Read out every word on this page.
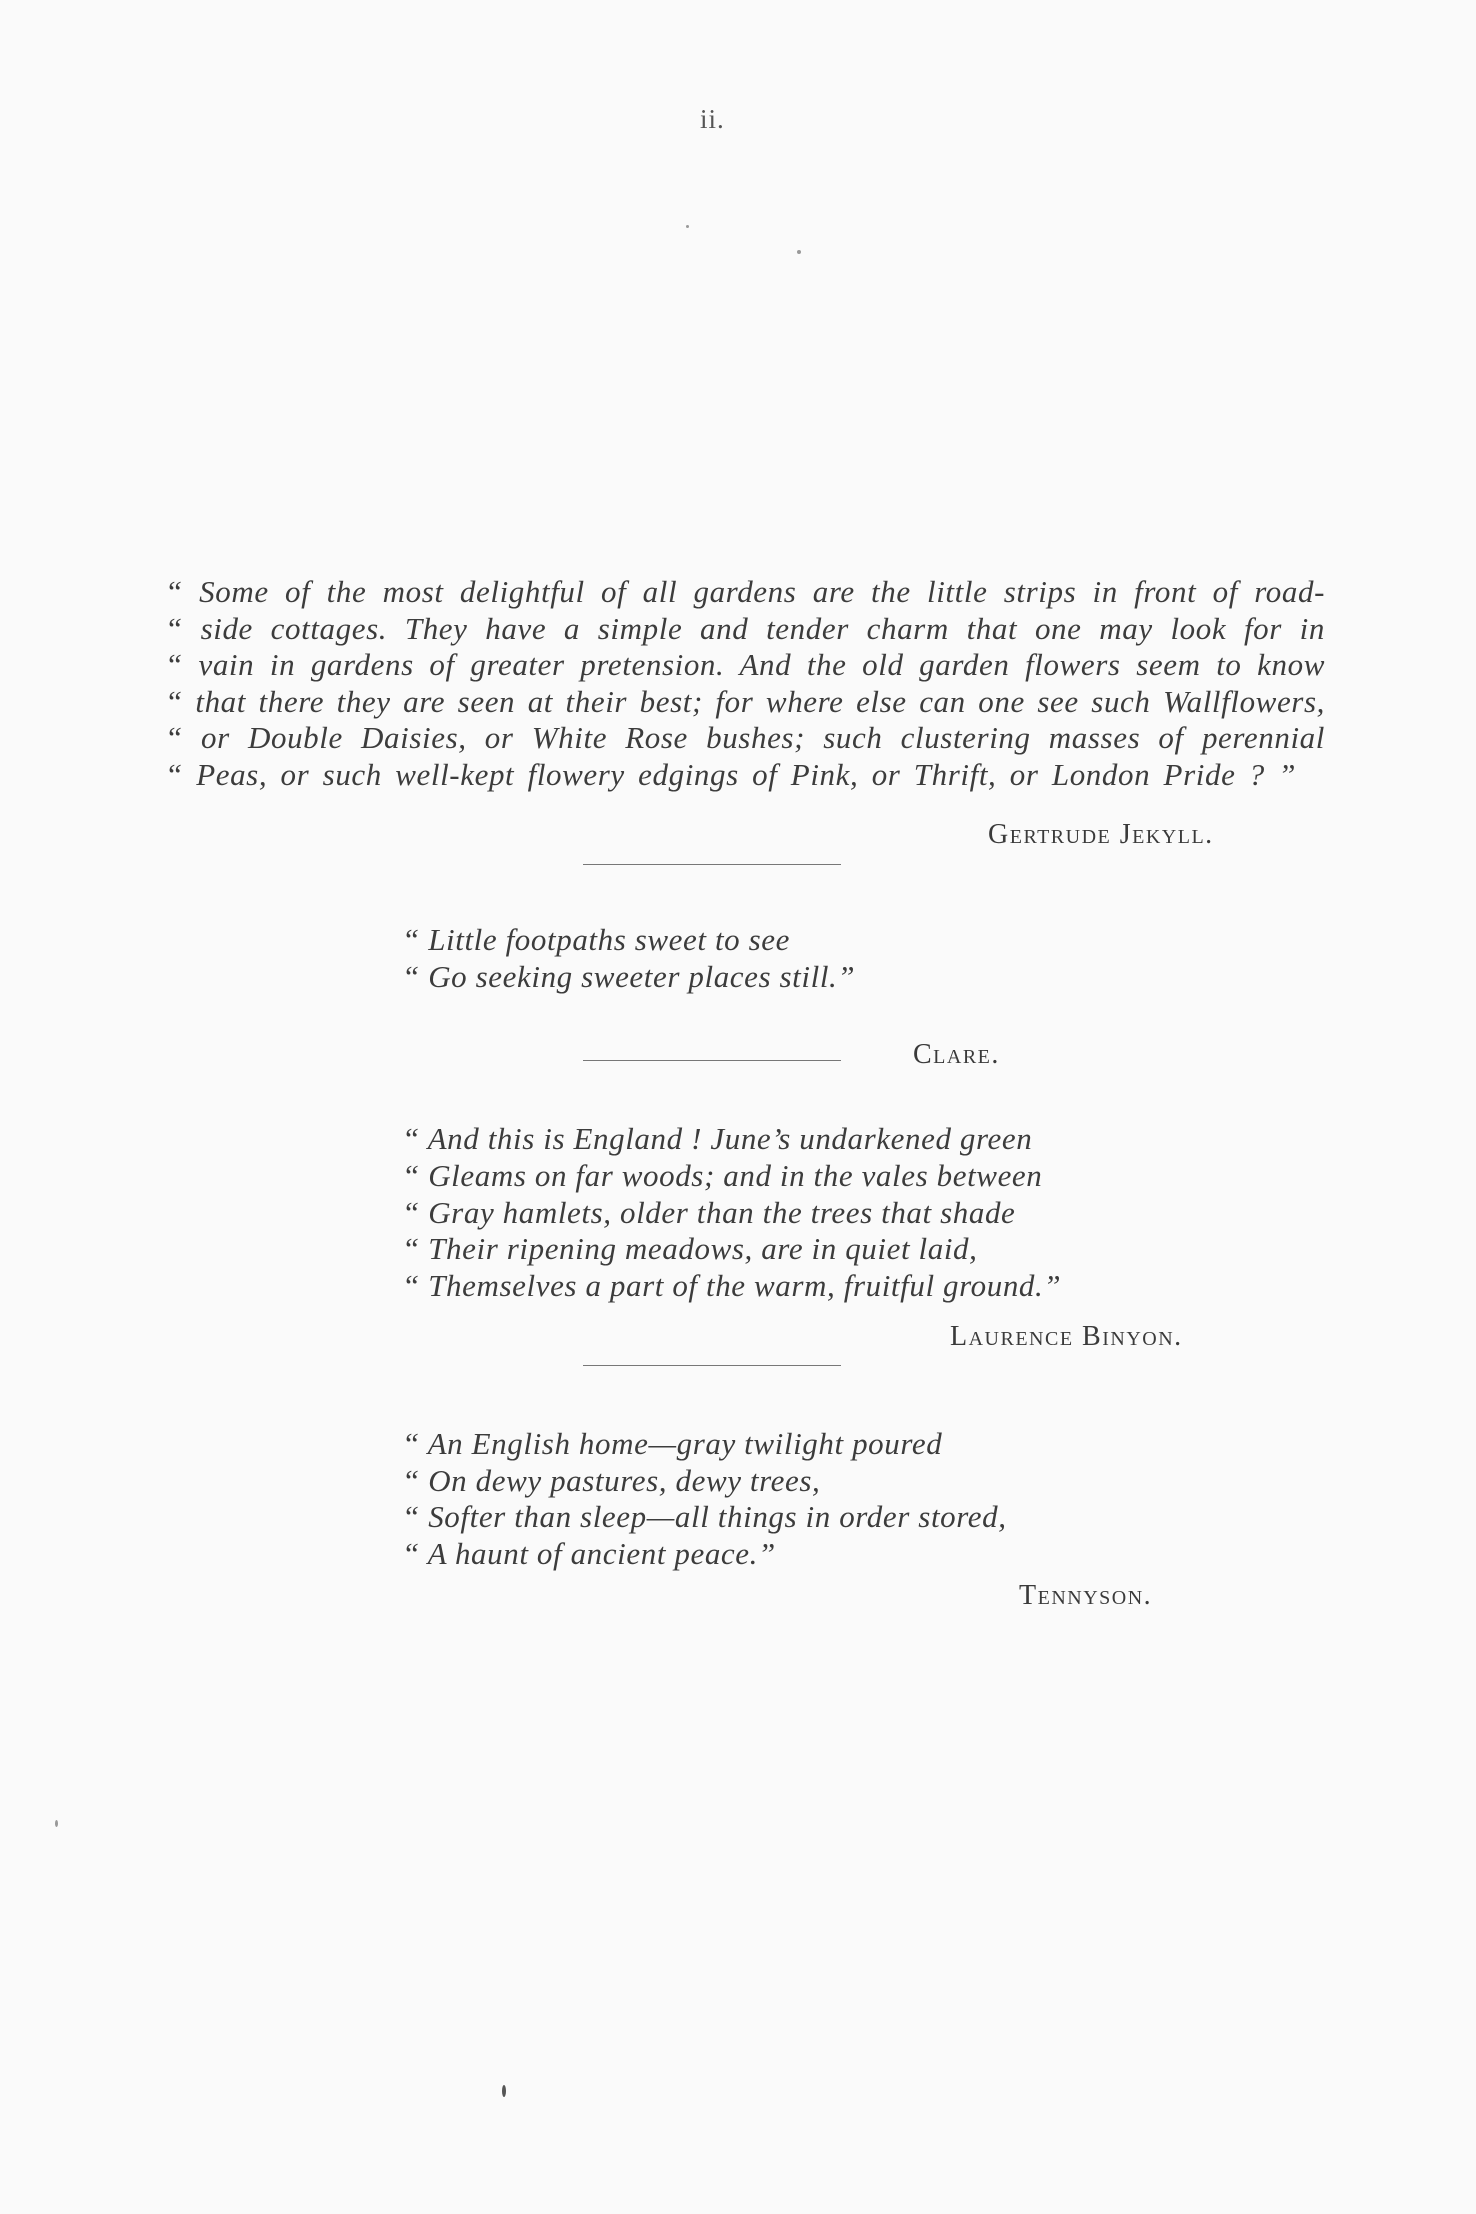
ii.
“ Some of the most delightful of all gardens are the little strips in front of road-
“ side cottages. They have a simple and tender charm that one may look for in
“ vain in gardens of greater pretension. And the old garden flowers seem to know
“ that there they are seen at their best; for where else can one see such Wallflowers,
“ or Double Daisies, or White Rose bushes; such clustering masses of perennial
“ Peas, or such well-kept flowery edgings of Pink, or Thrift, or London Pride ? ”
Gertrude Jekyll.
“ Little footpaths sweet to see
“ Go seeking sweeter places still.”
Clare.
“ And this is England ! June’s undarkened green
“ Gleams on far woods; and in the vales between
“ Gray hamlets, older than the trees that shade
“ Their ripening meadows, are in quiet laid,
“ Themselves a part of the warm, fruitful ground.”
Laurence Binyon.
“ An English home—gray twilight poured
“ On dewy pastures, dewy trees,
“ Softer than sleep—all things in order stored,
“ A haunt of ancient peace.”
Tennyson.
